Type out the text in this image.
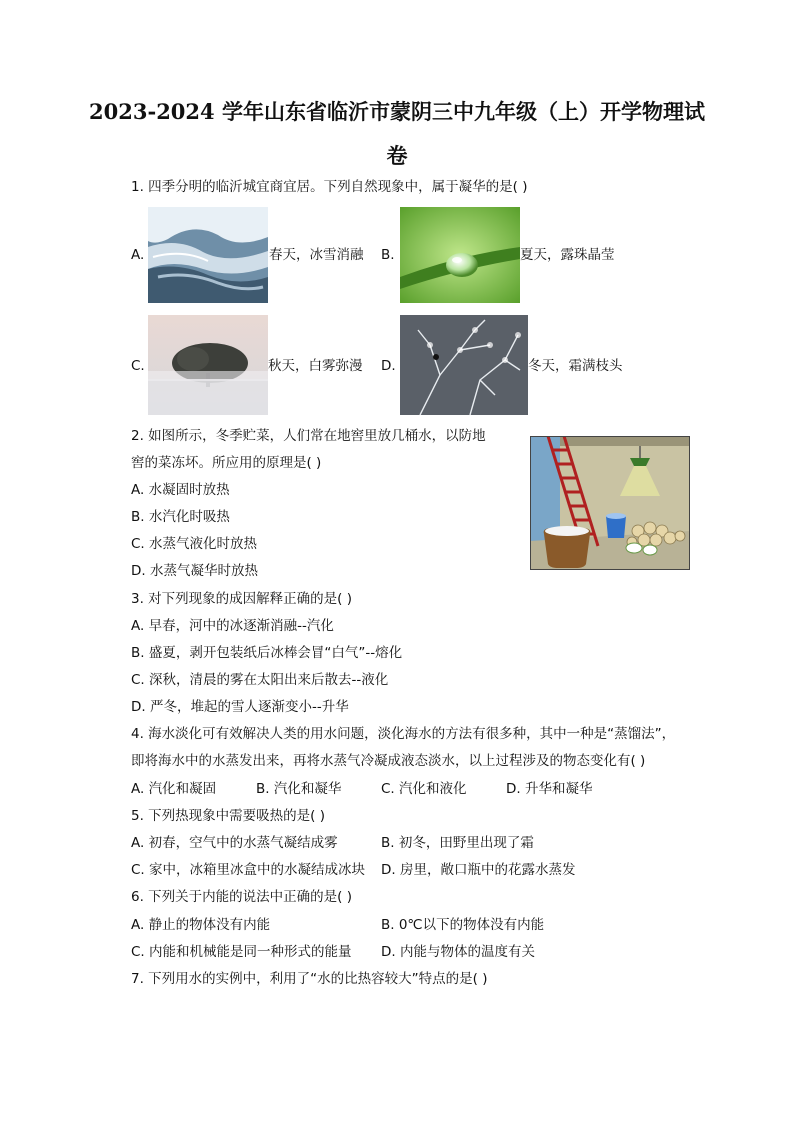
2023-2024 学年山东省临沂市蒙阴三中九年级（上）开学物理试
卷
1. 四季分明的临沂城宜商宜居。下列自然现象中，属于凝华的是( )
A.	春天，冰雪消融 B.	夏天，露珠晶莹
C.	秋天，白雾弥漫 D.	冬天，霜满枝头
2. 如图所示，冬季贮菜，人们常在地窖里放几桶水，以防地
窖的菜冻坏。所应用的原理是( )
A. 水凝固时放热
B. 水汽化时吸热
C. 水蒸气液化时放热
D. 水蒸气凝华时放热
3. 对下列现象的成因解释正确的是( )
A. 早春，河中的冰逐渐消融--汽化
B. 盛夏，剥开包装纸后冰棒会冒“白气”--熔化
C. 深秋，清晨的雾在太阳出来后散去--液化
D. 严冬，堆起的雪人逐渐变小--升华
4. 海水淡化可有效解决人类的用水问题，淡化海水的方法有很多种，其中一种是“蒸馏法”，
即将海水中的水蒸发出来，再将水蒸气冷凝成液态淡水，以上过程涉及的物态变化有( )
A. 汽化和凝固	B. 汽化和凝华	C. 汽化和液化	D. 升华和凝华
5. 下列热现象中需要吸热的是( )
A. 初春，空气中的水蒸气凝结成雾	B. 初冬，田野里出现了霜
C. 家中，冰箱里冰盒中的水凝结成冰块 D. 房里，敞口瓶中的花露水蒸发
6. 下列关于内能的说法中正确的是( )
A. 静止的物体没有内能	B. 0℃以下的物体没有内能
C. 内能和机械能是同一种形式的能量 D. 内能与物体的温度有关
7. 下列用水的实例中，利用了“水的比热容较大”特点的是( )
